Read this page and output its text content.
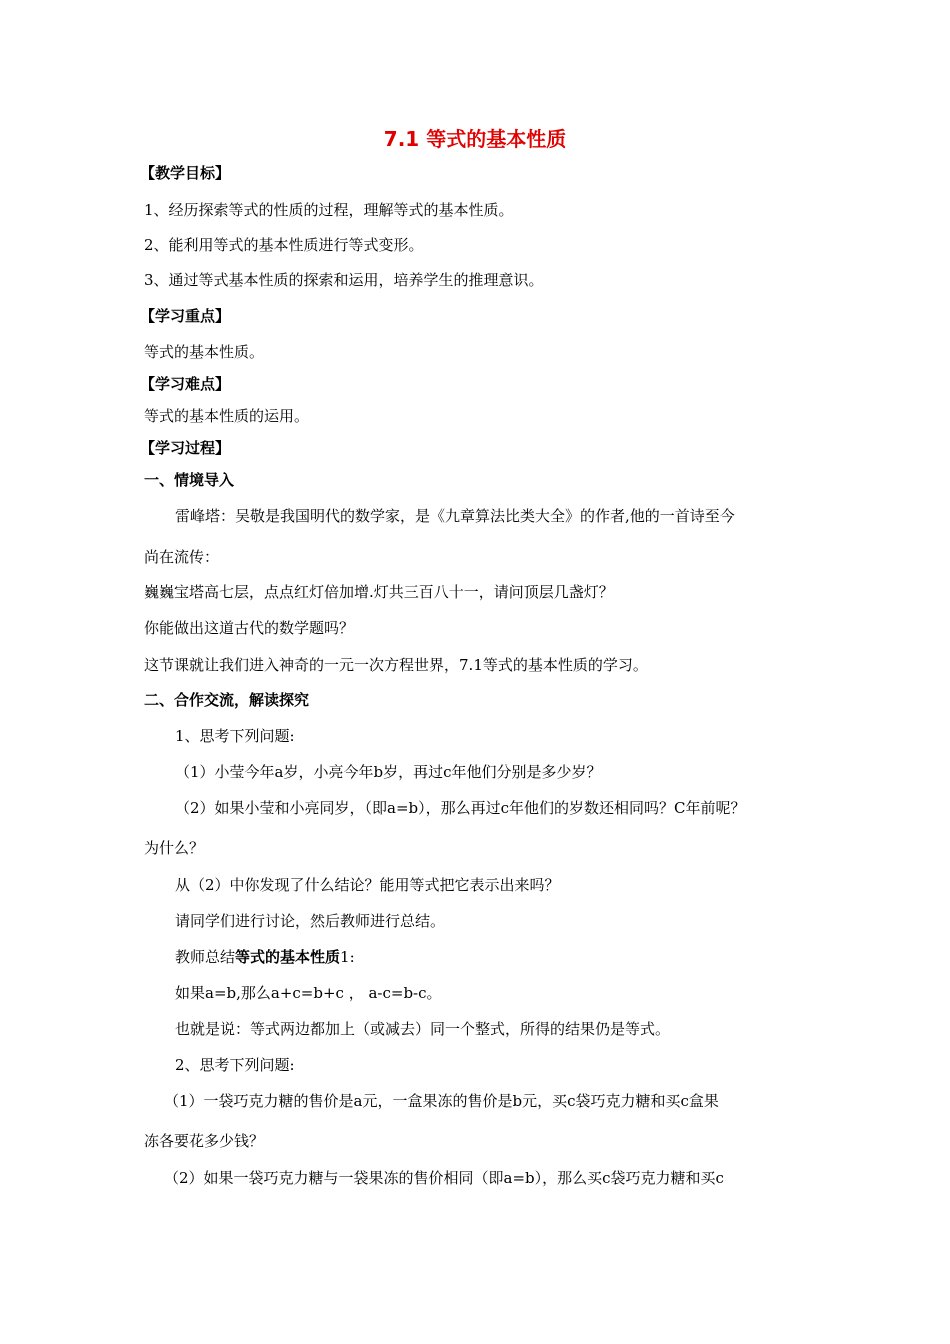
7.1 等式的基本性质
【教学目标】
1、经历探索等式的性质的过程，理解等式的基本性质。
2、能利用等式的基本性质进行等式变形。
3、通过等式基本性质的探索和运用，培养学生的推理意识。
【学习重点】
等式的基本性质。
【学习难点】
等式的基本性质的运用。
【学习过程】
一、情境导入
雷峰塔：吴敬是我国明代的数学家，是《九章算法比类大全》的作者,他的一首诗至今
尚在流传：
巍巍宝塔高七层，点点红灯倍加增.灯共三百八十一，请问顶层几盏灯？
你能做出这道古代的数学题吗？
这节课就让我们进入神奇的一元一次方程世界，7.1等式的基本性质的学习。
二、合作交流，解读探究
1、思考下列问题:
（1）小莹今年a岁，小亮今年b岁，再过c年他们分别是多少岁？
（2）如果小莹和小亮同岁，（即a=b），那么再过c年他们的岁数还相同吗？C年前呢？
为什么？
从（2）中你发现了什么结论？能用等式把它表示出来吗？
请同学们进行讨论，然后教师进行总结。
教师总结等式的基本性质1:
如果a=b,那么a+c=b+c ， a-c=b-c。
也就是说：等式两边都加上（或减去）同一个整式，所得的结果仍是等式。
2、思考下列问题:
（1）一袋巧克力糖的售价是a元，一盒果冻的售价是b元，买c袋巧克力糖和买c盒果
冻各要花多少钱？
（2）如果一袋巧克力糖与一袋果冻的售价相同（即a=b），那么买c袋巧克力糖和买c
